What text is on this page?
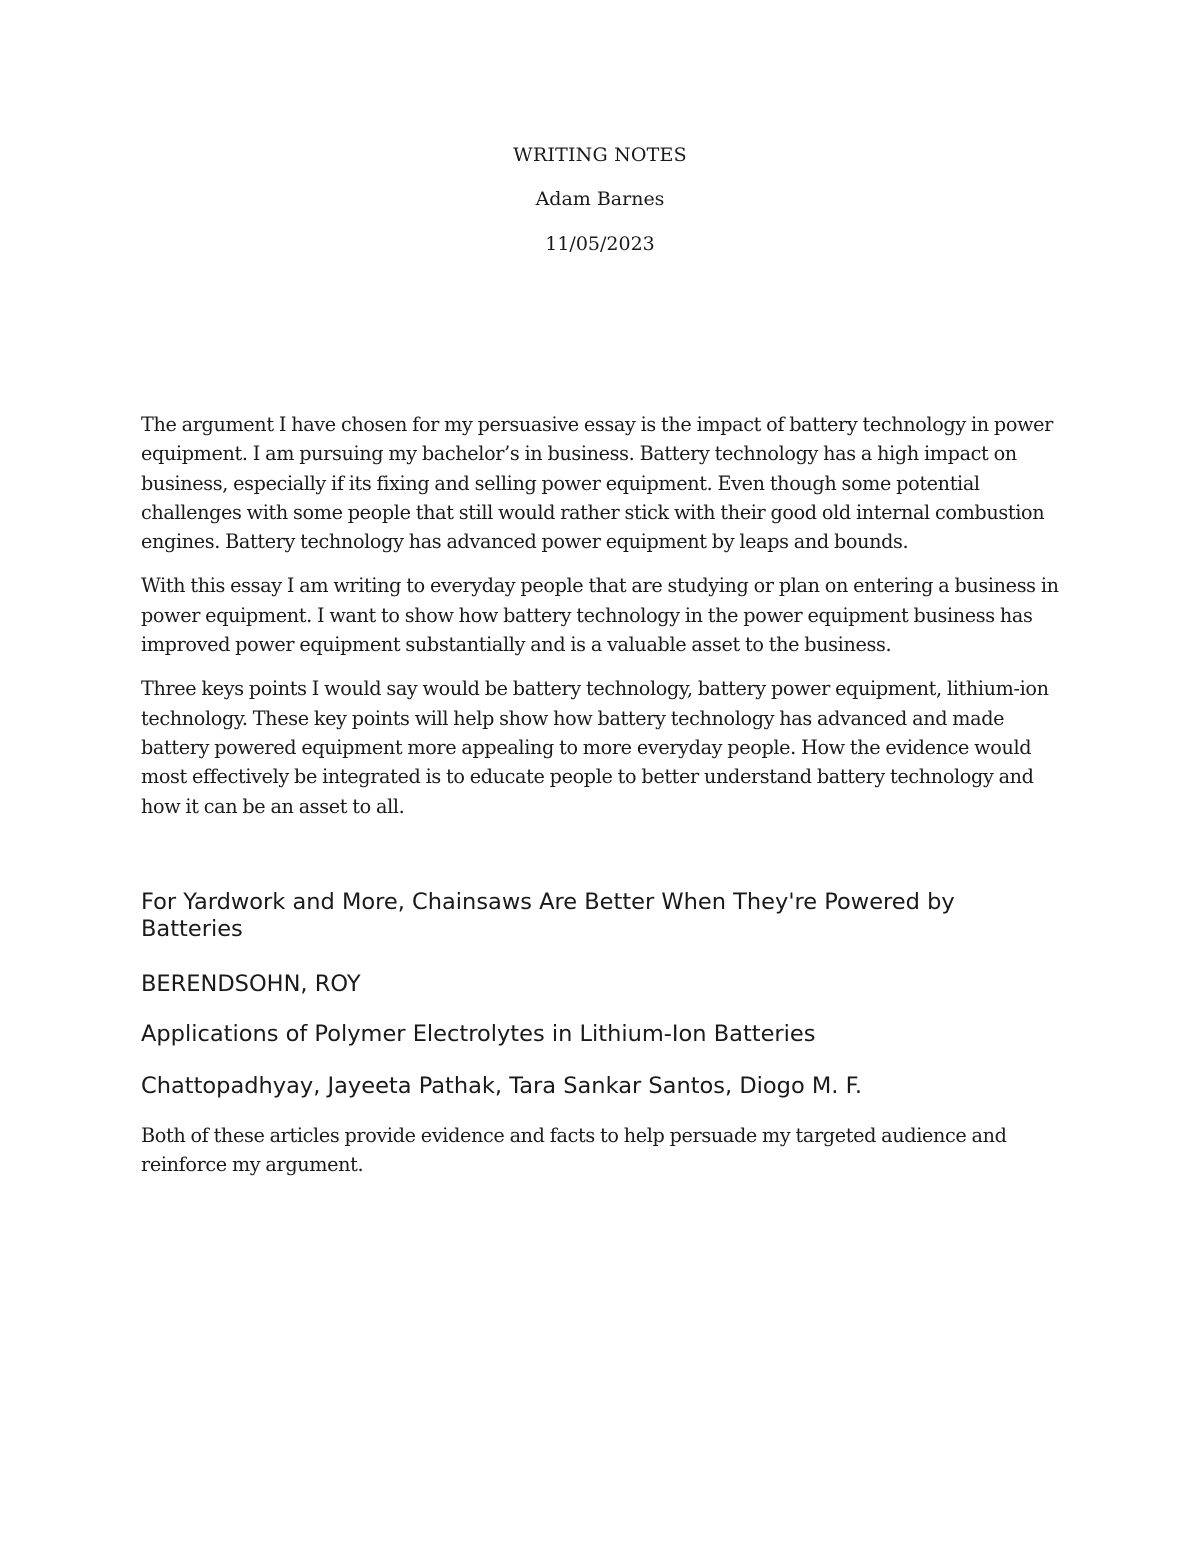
WRITING NOTES
Adam Barnes
11/05/2023

The argument I have chosen for my persuasive essay is the impact of battery technology in power equipment. I am pursuing my bachelor’s in business. Battery technology has a high impact on business, especially if its fixing and selling power equipment. Even though some potential challenges with some people that still would rather stick with their good old internal combustion engines. Battery technology has advanced power equipment by leaps and bounds.

With this essay I am writing to everyday people that are studying or plan on entering a business in power equipment. I want to show how battery technology in the power equipment business has improved power equipment substantially and is a valuable asset to the business.

Three keys points I would say would be battery technology, battery power equipment, lithium-ion technology. These key points will help show how battery technology has advanced and made battery powered equipment more appealing to more everyday people. How the evidence would most effectively be integrated is to educate people to better understand battery technology and how it can be an asset to all.

For Yardwork and More, Chainsaws Are Better When They're Powered by Batteries
BERENDSOHN, ROY
Applications of Polymer Electrolytes in Lithium-Ion Batteries
Chattopadhyay, Jayeeta Pathak, Tara Sankar Santos, Diogo M. F.

Both of these articles provide evidence and facts to help persuade my targeted audience and reinforce my argument.
